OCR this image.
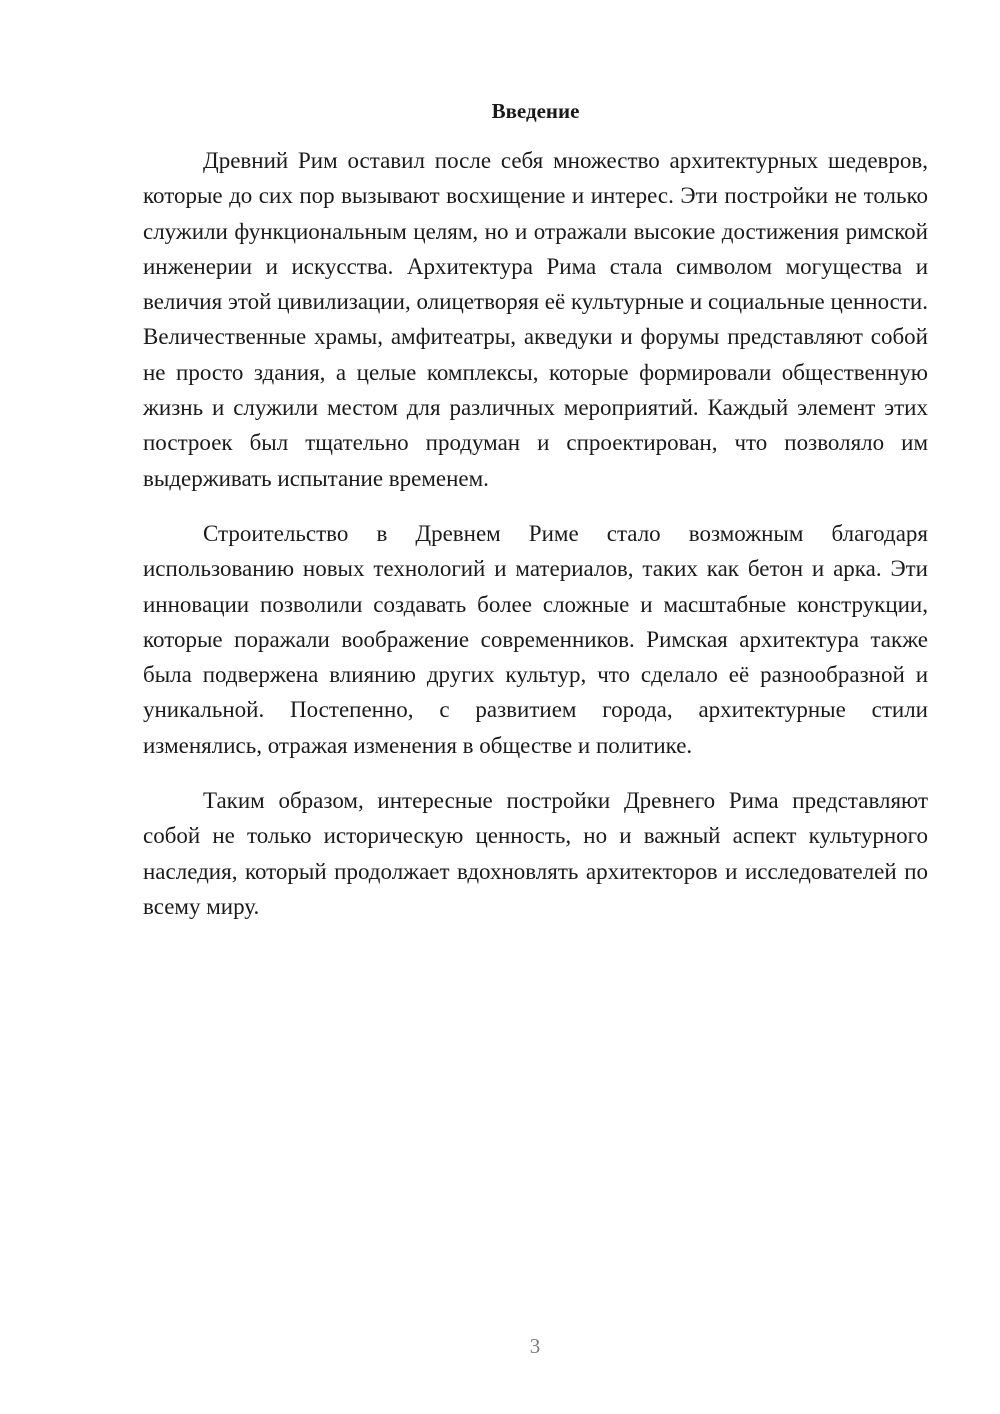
Введение

Древний Рим оставил после себя множество архитектурных шедевров, которые до сих пор вызывают восхищение и интерес. Эти постройки не только служили функциональным целям, но и отражали высокие достижения римской инженерии и искусства. Архитектура Рима стала символом могущества и величия этой цивилизации, олицетворяя её культурные и социальные ценности. Величественные храмы, амфитеатры, акведуки и форумы представляют собой не просто здания, а целые комплексы, которые формировали общественную жизнь и служили местом для различных мероприятий. Каждый элемент этих построек был тщательно продуман и спроектирован, что позволяло им выдерживать испытание временем.

Строительство в Древнем Риме стало возможным благодаря использованию новых технологий и материалов, таких как бетон и арка. Эти инновации позволили создавать более сложные и масштабные конструкции, которые поражали воображение современников. Римская архитектура также была подвержена влиянию других культур, что сделало её разнообразной и уникальной. Постепенно, с развитием города, архитектурные стили изменялись, отражая изменения в обществе и политике.

Таким образом, интересные постройки Древнего Рима представляют собой не только историческую ценность, но и важный аспект культурного наследия, который продолжает вдохновлять архитекторов и исследователей по всему миру.

3
